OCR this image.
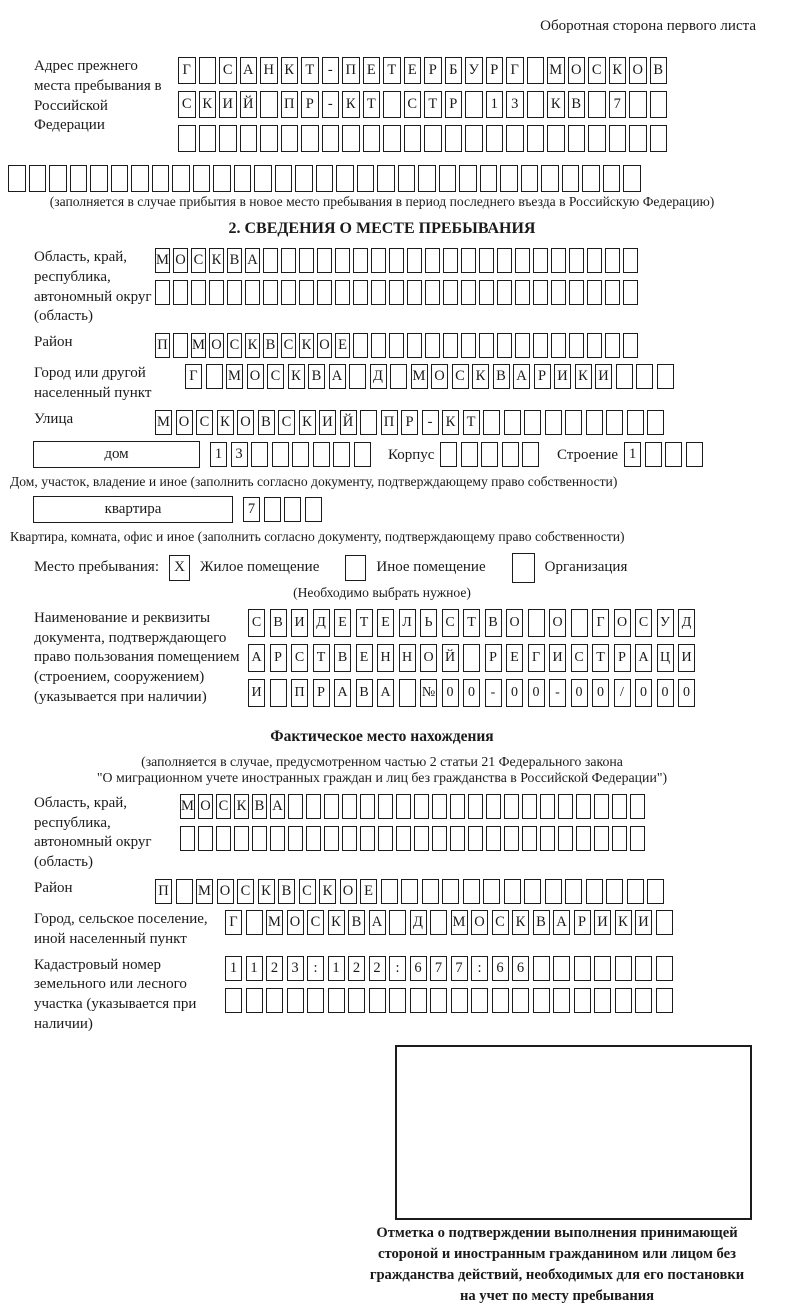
Оборотная сторона первого листа
Адрес прежнего места пребывания в Российской Федерации
Г	С А Н К Т - П Е Т Е Р Б У Р Г	М О С К О В
С К И Й П Р - К Т С Т Р	1 3	К В	7
(заполняется в случае прибытия в новое место пребывания в период последнего въезда в Российскую Федерацию)
2. СВЕДЕНИЯ О МЕСТЕ ПРЕБЫВАНИЯ
Область, край, республика, автономный округ (область)
М О С К В А
Район	П М О С К В С К О Е
Город или другой населенный пункт
Г М О С К В А Д М О С К В А Р И К И
Улица	М О С К О В С К И Й П Р - К Т
дом	1 3	Корпус	Строение 1
Дом, участок, владение и иное (заполнить согласно документу, подтверждающему право собственности)
квартира	7
Квартира, комната, офис и иное (заполнить согласно документу, подтверждающему право собственности)
Место пребывания:	X	Жилое помещение	Иное помещение	Организация
(Необходимо выбрать нужное)
Наименование и реквизиты документа, подтверждающего право пользования помещением (строением, сооружением) (указывается при наличии)
С В И Д Е Т Е Л Ь С Т В О О	Г О С У Д
А Р С Т В Е Н Н О Й	Р Е Г И С Т Р А Ц И
И П Р А В А № 0	0	-	0	0	-	0	0	/	0	0	0
Фактическое место нахождения
(заполняется в случае, предусмотренном частью 2 статьи 21 Федерального закона
"О миграционном учете иностранных граждан и лиц без гражданства в Российской Федерации")
Область, край, республика, автономный округ (область)
М О С К В А
Район	П М О С К В С К О Е
Город, сельское поселение, иной населенный пункт
Г М О С К В А Д М О С К В А Р И К И
Кадастровый номер земельного или лесного участка (указывается при наличии)
1 1 2 3	:	1 2 2	:	6 7 7	:	6 6
Отметка о подтверждении выполнения принимающей
стороной и иностранным гражданином или лицом без
гражданства действий, необходимых для его постановки
на учет по месту пребывания
